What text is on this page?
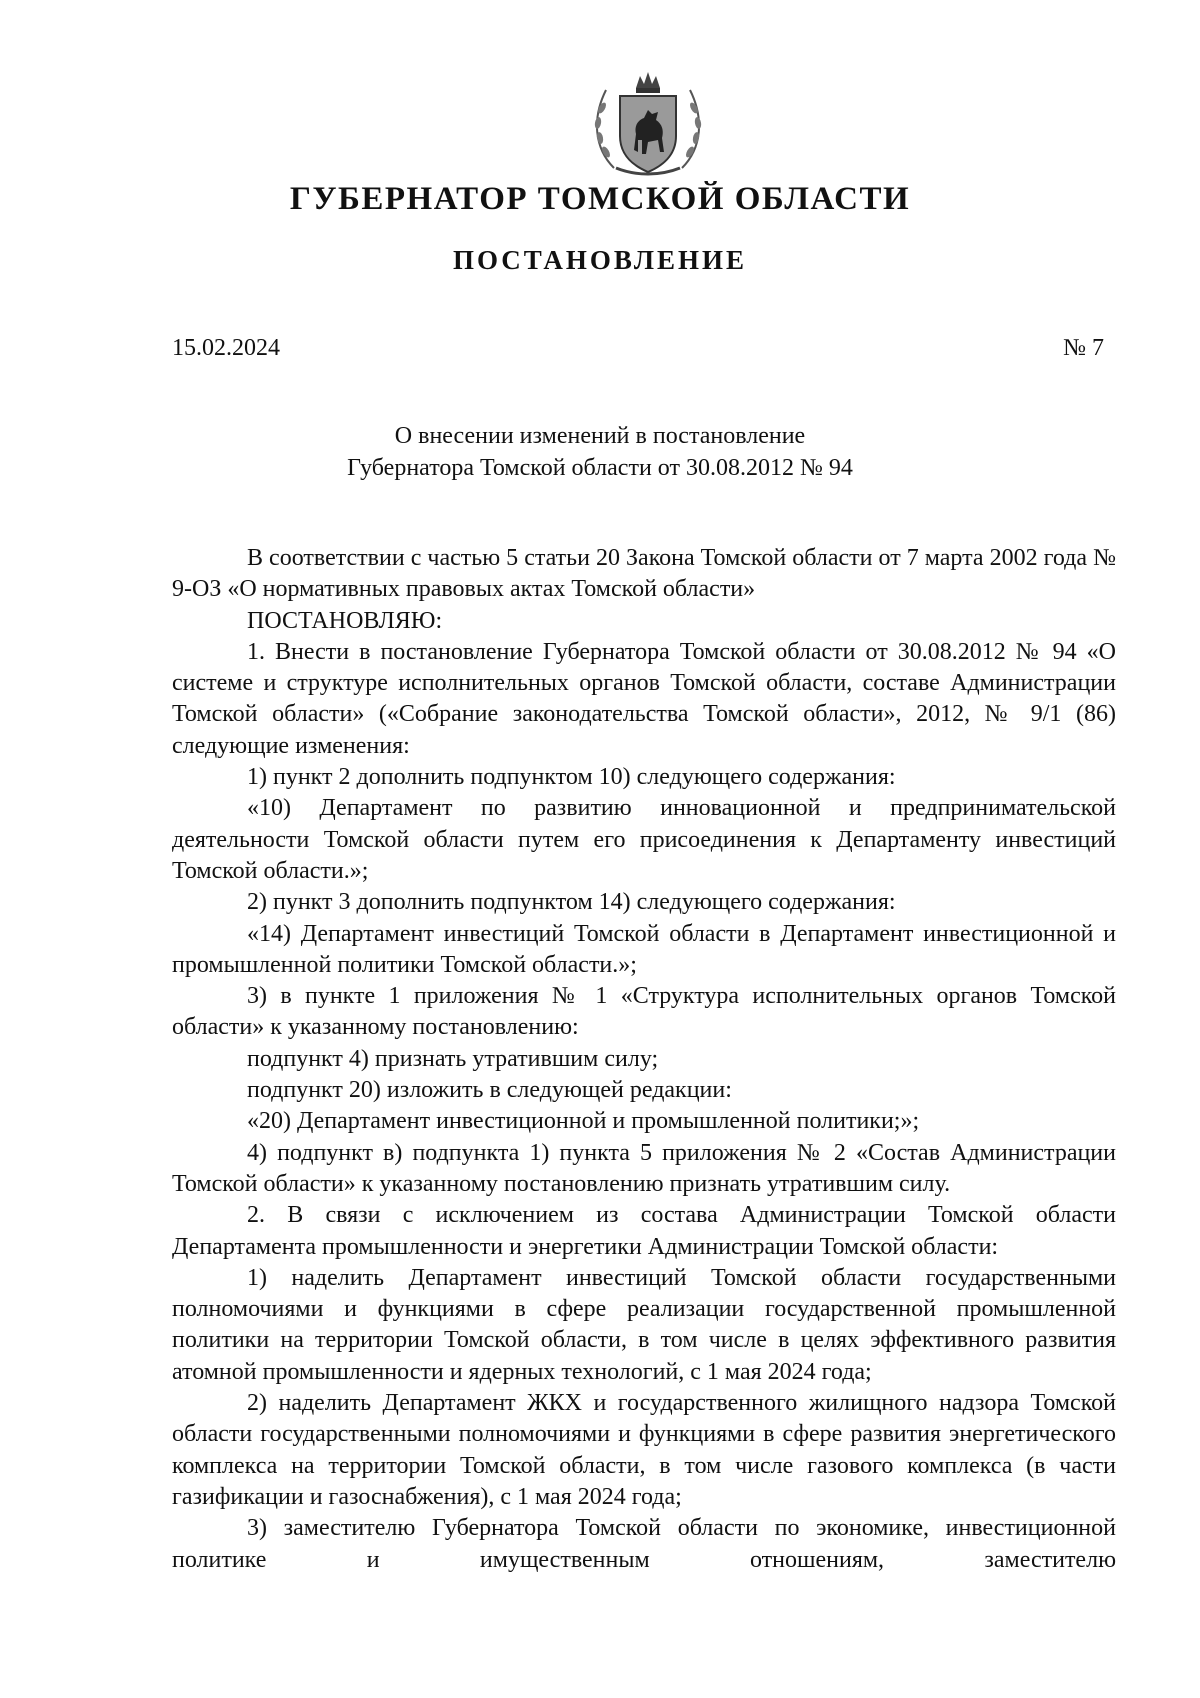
ГУБЕРНАТОР ТОМСКОЙ ОБЛАСТИ
ПОСТАНОВЛЕНИЕ
15.02.2024	№ 7
О внесении изменений в постановление
Губернатора Томской области от 30.08.2012 № 94

В соответствии с частью 5 статьи 20 Закона Томской области от 7 марта 2002 года № 9-ОЗ «О нормативных правовых актах Томской области»

ПОСТАНОВЛЯЮ:

1. Внести в постановление Губернатора Томской области от 30.08.2012 № 94 «О системе и структуре исполнительных органов Томской области, составе Администрации Томской области» («Собрание законодательства Томской области», 2012, № 9/1 (86) следующие изменения:

1) пункт 2 дополнить подпунктом 10) следующего содержания:

«10) Департамент по развитию инновационной и предпринимательской деятельности Томской области путем его присоединения к Департаменту инвестиций Томской области.»;

2) пункт 3 дополнить подпунктом 14) следующего содержания:

«14) Департамент инвестиций Томской области в Департамент инвестиционной и промышленной политики Томской области.»;

3) в пункте 1 приложения № 1 «Структура исполнительных органов Томской области» к указанному постановлению:

подпункт 4) признать утратившим силу;

подпункт 20) изложить в следующей редакции:

«20) Департамент инвестиционной и промышленной политики;»;

4) подпункт в) подпункта 1) пункта 5 приложения № 2 «Состав Администрации Томской области» к указанному постановлению признать утратившим силу.

2. В связи с исключением из состава Администрации Томской области Департамента промышленности и энергетики Администрации Томской области:

1) наделить Департамент инвестиций Томской области государственными полномочиями и функциями в сфере реализации государственной промышленной политики на территории Томской области, в том числе в целях эффективного развития атомной промышленности и ядерных технологий, с 1 мая 2024 года;

2) наделить Департамент ЖКХ и государственного жилищного надзора Томской области государственными полномочиями и функциями в сфере развития энергетического комплекса на территории Томской области, в том числе газового комплекса (в части газификации и газоснабжения), с 1 мая 2024 года;

3) заместителю Губернатора Томской области по экономике, инвестиционной политике и имущественным отношениям, заместителю
